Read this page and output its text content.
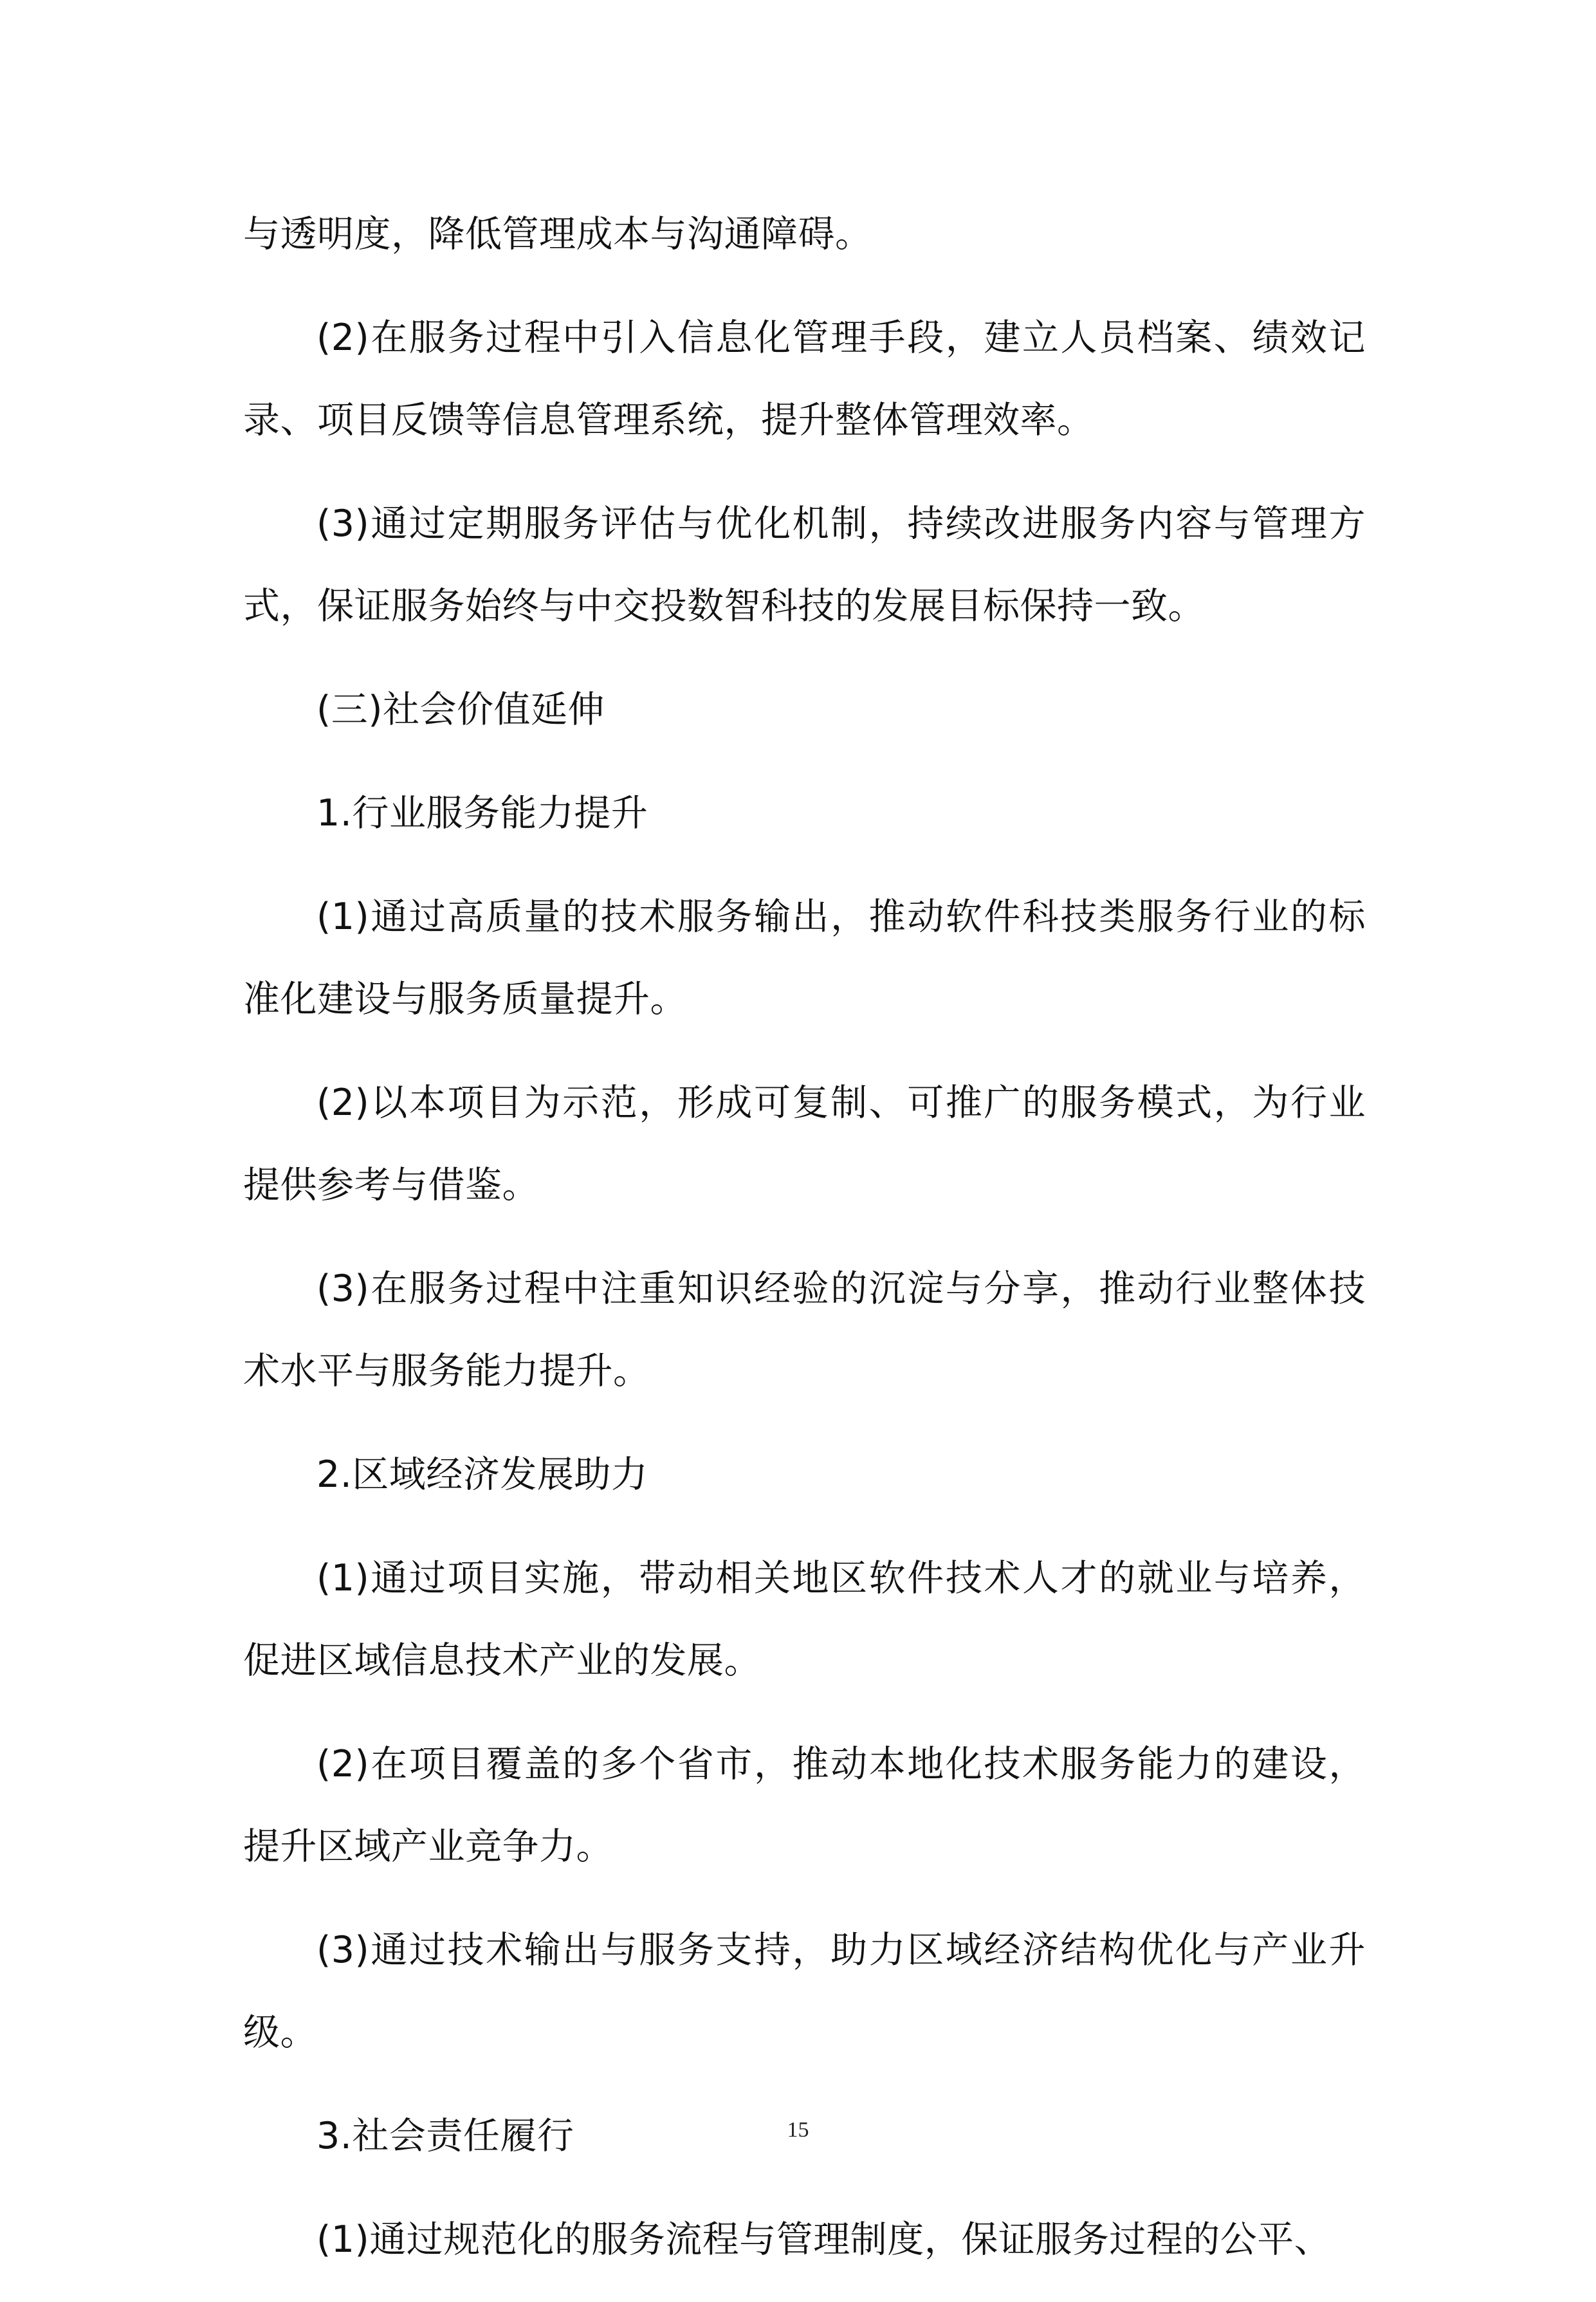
与透明度，降低管理成本与沟通障碍。

(2)在服务过程中引入信息化管理手段，建立人员档案、绩效记录、项目反馈等信息管理系统，提升整体管理效率。

(3)通过定期服务评估与优化机制，持续改进服务内容与管理方式，保证服务始终与中交投数智科技的发展目标保持一致。

(三)社会价值延伸

1.行业服务能力提升

(1)通过高质量的技术服务输出，推动软件科技类服务行业的标准化建设与服务质量提升。

(2)以本项目为示范，形成可复制、可推广的服务模式，为行业提供参考与借鉴。

(3)在服务过程中注重知识经验的沉淀与分享，推动行业整体技术水平与服务能力提升。

2.区域经济发展助力

(1)通过项目实施，带动相关地区软件技术人才的就业与培养，促进区域信息技术产业的发展。

(2)在项目覆盖的多个省市，推动本地化技术服务能力的建设，提升区域产业竞争力。

(3)通过技术输出与服务支持，助力区域经济结构优化与产业升级。

3.社会责任履行

(1)通过规范化的服务流程与管理制度，保证服务过程的公平、

15
